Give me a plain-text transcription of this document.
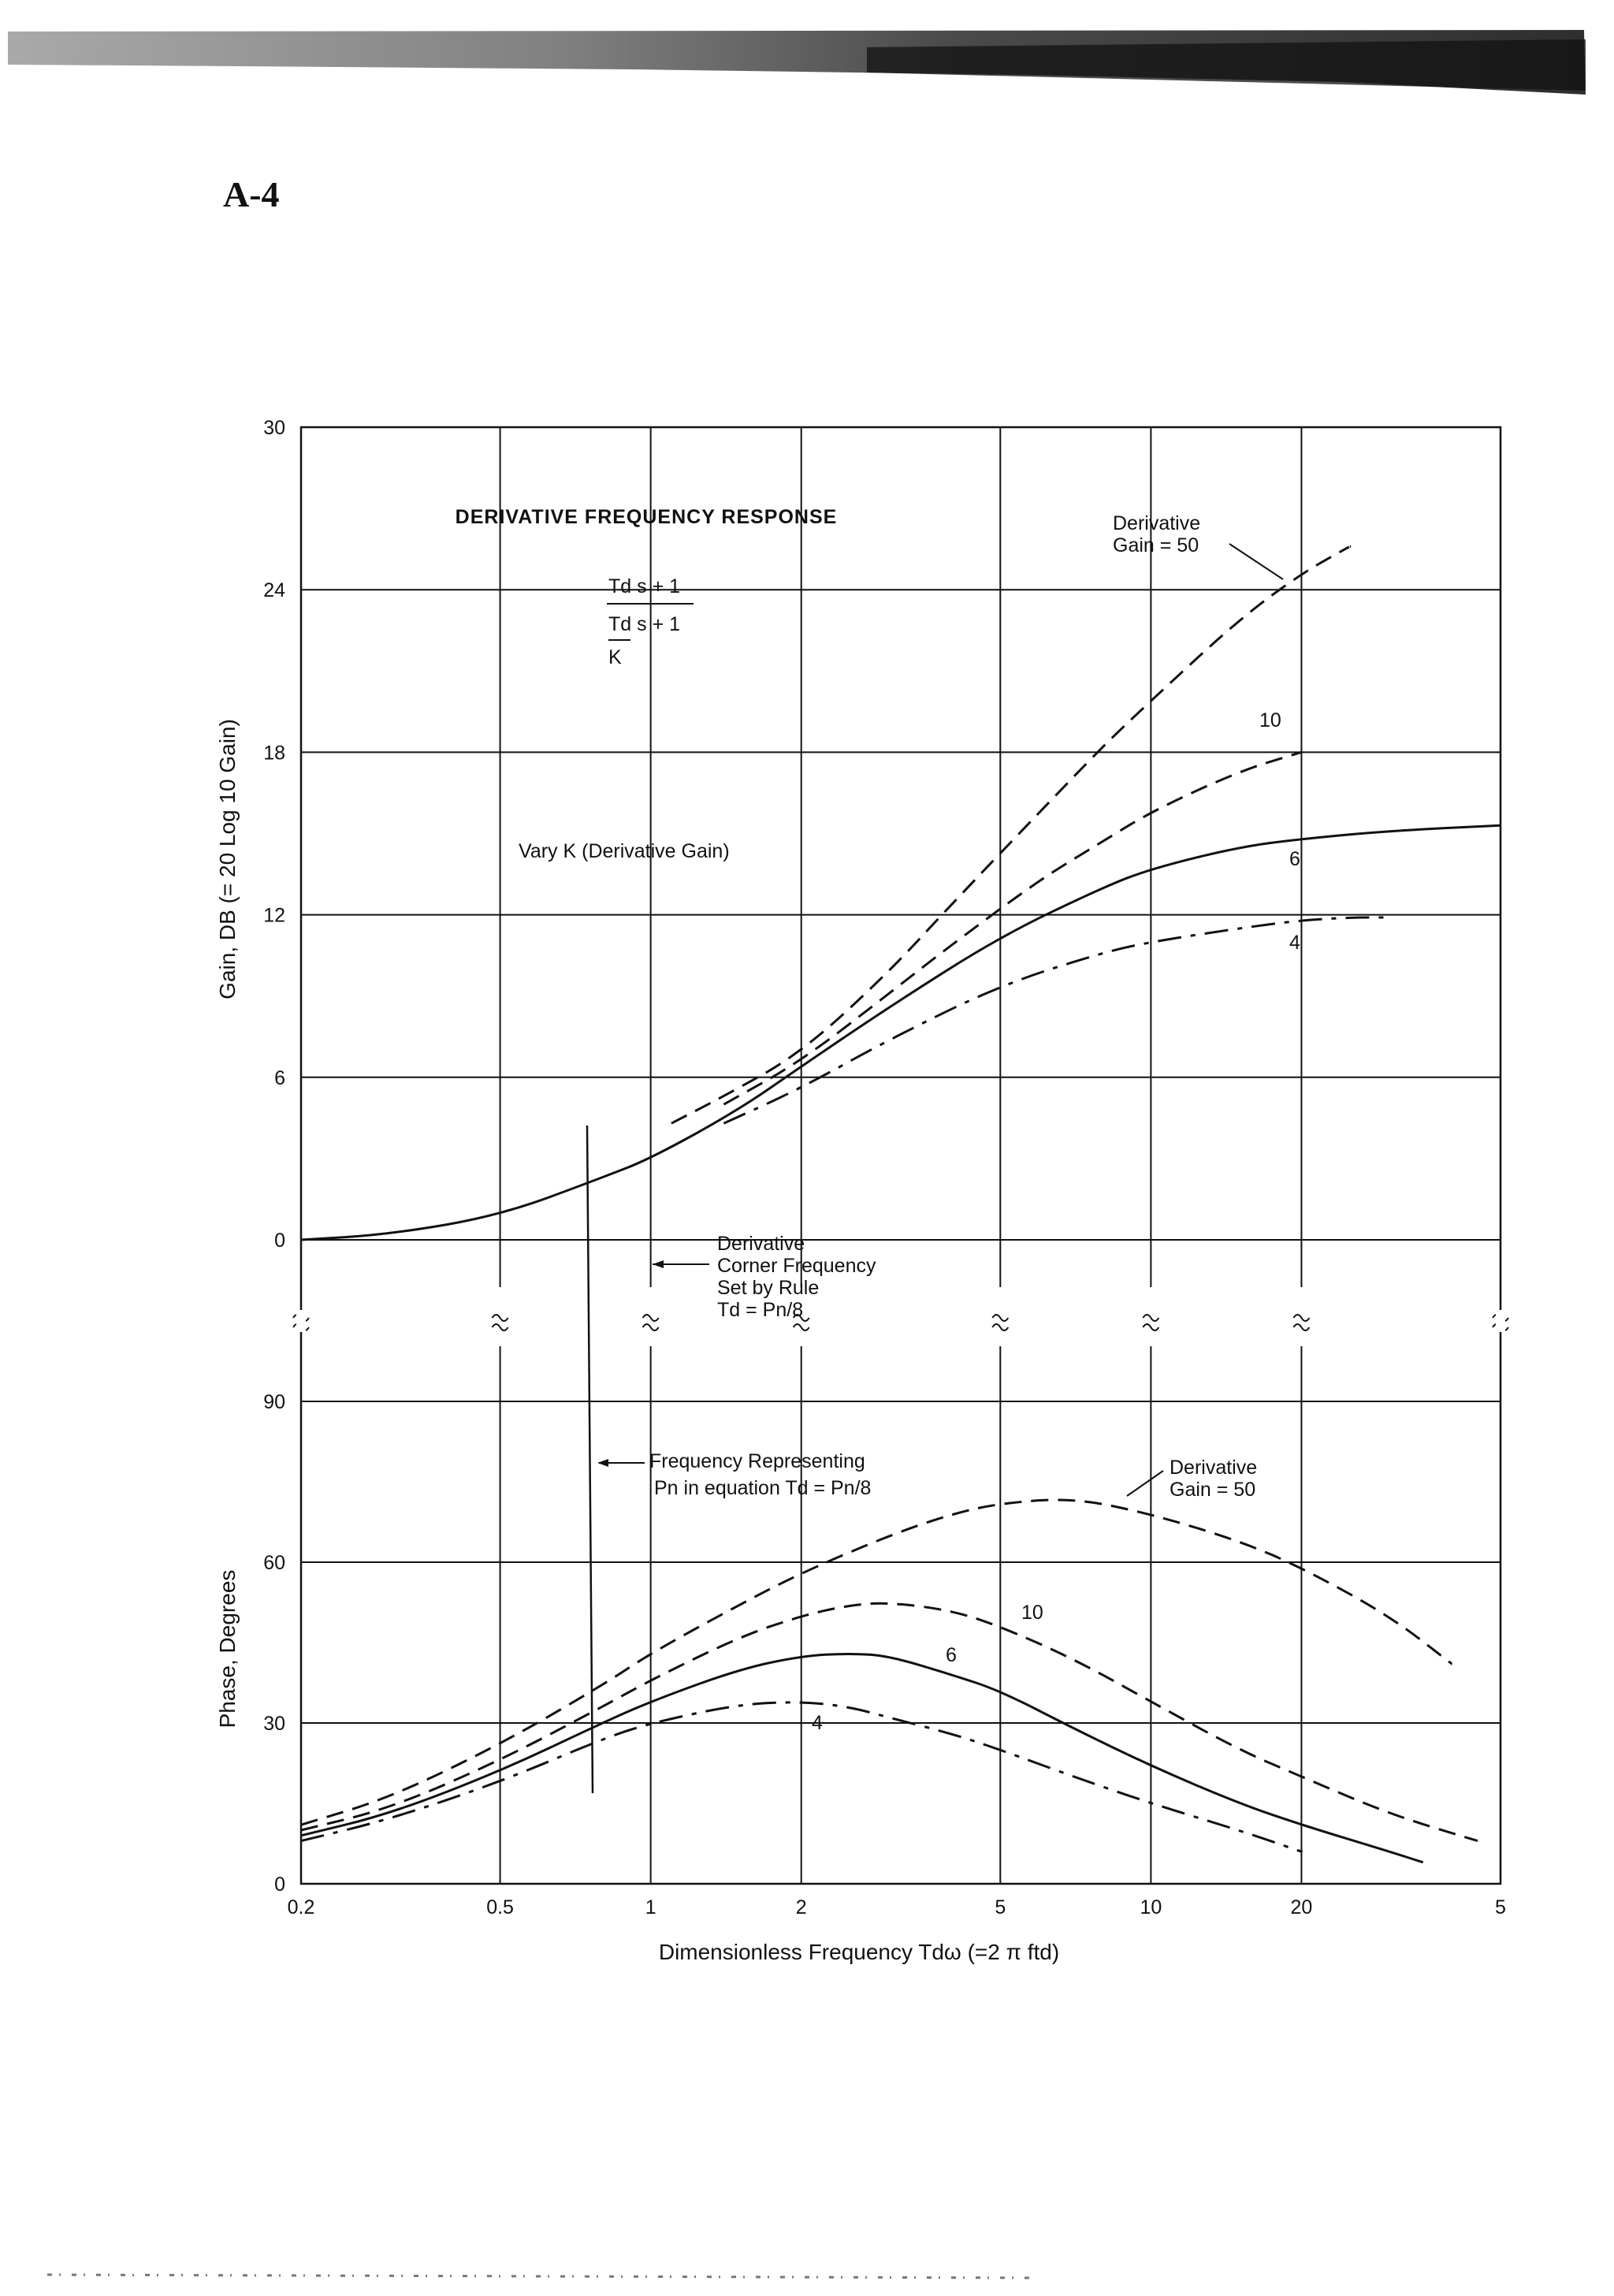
A-4
DERIVATIVE FREQUENCY RESPONSE
Vary K (Derivative Gain)
Td s + 1
Td s + 1
K
Gain, DB (= 20 Log 10 Gain)
Phase, Degrees
Dimensionless Frequency Tdω (=2 π ftd)
Derivative
Corner Frequency
Set by Rule
Td = Pn/8
Frequency Representing
Pn in equation Td = Pn/8
0
6
12
18
24
30
0
30
60
90
0.2	0.5	1	2	5	10	20	5
Derivative
Gain = 50
10
6
4
Derivative
Gain = 50
10
6
4
